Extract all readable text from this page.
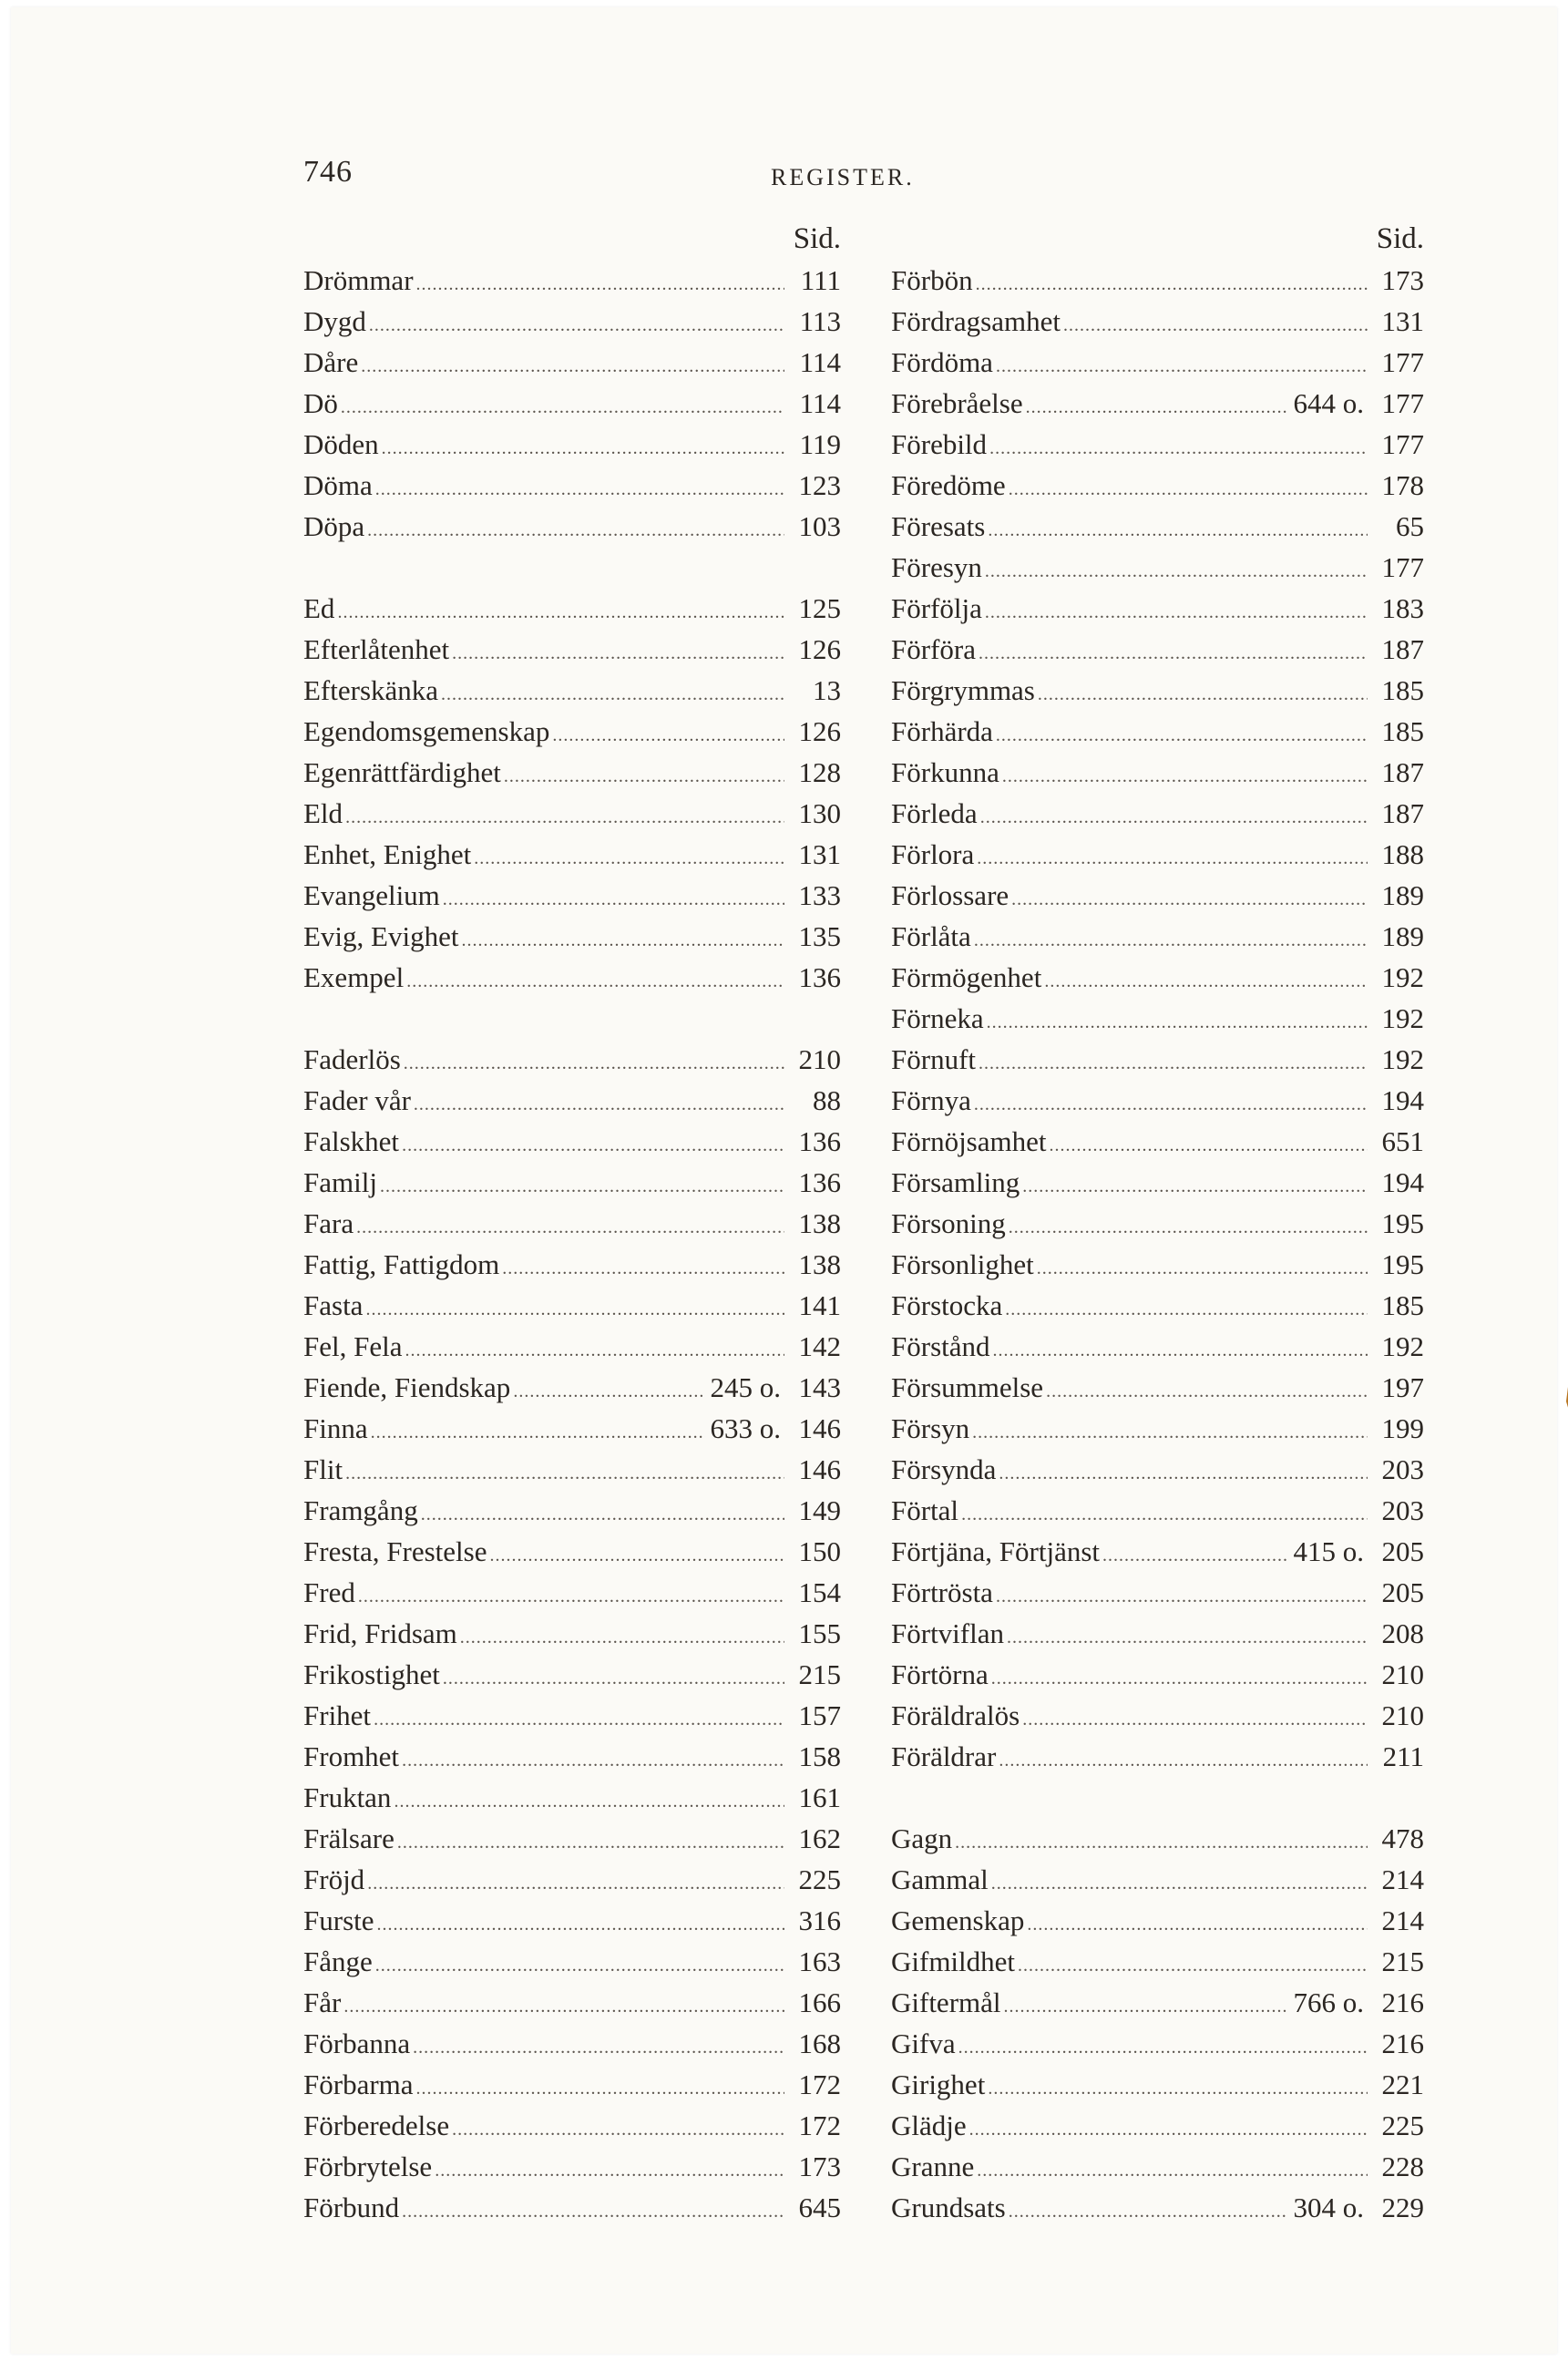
746	REGISTER.
Sid.
Drömmar .....	111
Dygd .....	113
Dåre .....	114
Dö .....	114
Döden .....	119
Döma .....	123
Döpa .....	103
Ed .....	125
Efterlåtenhet .....	126
Efterskänka .....	13
Egendomsgemenskap .....	126
Egenrättfärdighet .....	128
Eld .....	130
Enhet, Enighet .....	131
Evangelium .....	133
Evig, Evighet .....	135
Exempel .....	136
Faderlös .....	210
Fader vår .....	88
Falskhet .....	136
Familj .....	136
Fara .....	138
Fattig, Fattigdom .....	138
Fasta .....	141
Fel, Fela .....	142
Fiende, Fiendskap .....	245 o. 143
Finna .....	633 o. 146
Flit .....	146
Framgång .....	149
Fresta, Frestelse .....	150
Fred .....	154
Frid, Fridsam .....	155
Frikostighet .....	215
Frihet .....	157
Fromhet .....	158
Fruktan .....	161
Frälsare .....	162
Fröjd .....	225
Furste .....	316
Fånge .....	163
Får .....	166
Förbanna .....	168
Förbarma .....	172
Förberedelse .....	172
Förbrytelse .....	173
Förbund .....	645
Sid.
Förbön .....	173
Fördragsamhet .....	131
Fördöma .....	177
Förebråelse .....	644 o. 177
Förebild .....	177
Föredöme .....	178
Föresats .....	65
Föresyn .....	177
Förfölja .....	183
Förföra .....	187
Förgrymmas .....	185
Förhärda .....	185
Förkunna .....	187
Förleda .....	187
Förlora .....	188
Förlossare .....	189
Förlåta .....	189
Förmögenhet .....	192
Förneka .....	192
Förnuft .....	192
Förnya .....	194
Förnöjsamhet .....	651
Församling .....	194
Försoning .....	195
Försonlighet .....	195
Förstocka .....	185
Förstånd .....	192
Försummelse .....	197
Försyn .....	199
Försynda .....	203
Förtal .....	203
Förtjäna, Förtjänst .....	415 o. 205
Förtrösta .....	205
Förtviflan .....	208
Förtörna .....	210
Föräldralös .....	210
Föräldrar .....	211
Gagn .....	478
Gammal .....	214
Gemenskap .....	214
Gifmildhet .....	215
Giftermål .....	766 o. 216
Gifva .....	216
Girighet .....	221
Glädje .....	225
Granne .....	228
Grundsats .....	304 o. 229
